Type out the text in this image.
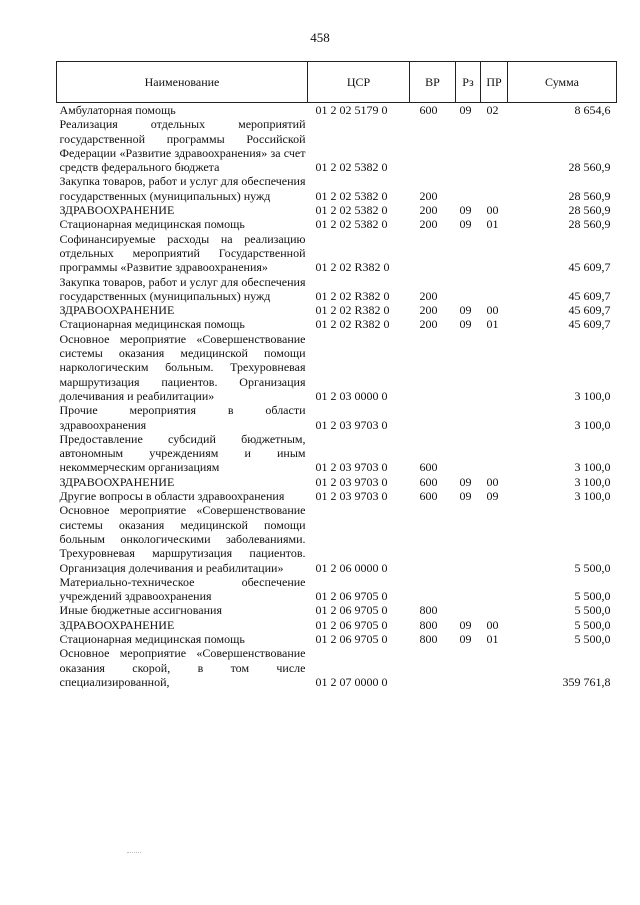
458
Наименование	ЦСР	ВР	Рз	ПР	Сумма
Амбулаторная помощь	01 2 02 5179 0	600	09	02	8 654,6
Реализация отдельных мероприятий государственной программы Российской Федерации «Развитие здравоохранения» за счет средств федерального бюджета	01 2 02 5382 0				28 560,9
Закупка товаров, работ и услуг для обеспечения государственных (муниципальных) нужд	01 2 02 5382 0	200			28 560,9
ЗДРАВООХРАНЕНИЕ	01 2 02 5382 0	200	09	00	28 560,9
Стационарная медицинская помощь	01 2 02 5382 0	200	09	01	28 560,9
Софинансируемые расходы на реализацию отдельных мероприятий Государственной программы «Развитие здравоохранения»	01 2 02 R382 0				45 609,7
Закупка товаров, работ и услуг для обеспечения государственных (муниципальных) нужд	01 2 02 R382 0	200			45 609,7
ЗДРАВООХРАНЕНИЕ	01 2 02 R382 0	200	09	00	45 609,7
Стационарная медицинская помощь	01 2 02 R382 0	200	09	01	45 609,7
Основное мероприятие «Совершенствование системы оказания медицинской помощи наркологическим больным. Трехуровневая маршрутизация пациентов. Организация долечивания и реабилитации»	01 2 03 0000 0				3 100,0
Прочие мероприятия в области здравоохранения	01 2 03 9703 0				3 100,0
Предоставление субсидий бюджетным, автономным учреждениям и иным некоммерческим организациям	01 2 03 9703 0	600			3 100,0
ЗДРАВООХРАНЕНИЕ	01 2 03 9703 0	600	09	00	3 100,0
Другие вопросы в области здравоохранения	01 2 03 9703 0	600	09	09	3 100,0
Основное мероприятие «Совершенствование системы оказания медицинской помощи больным онкологическими заболеваниями. Трехуровневая маршрутизация пациентов. Организация долечивания и реабилитации»	01 2 06 0000 0				5 500,0
Материально-техническое обеспечение учреждений здравоохранения	01 2 06 9705 0				5 500,0
Иные бюджетные ассигнования	01 2 06 9705 0	800			5 500,0
ЗДРАВООХРАНЕНИЕ	01 2 06 9705 0	800	09	00	5 500,0
Стационарная медицинская помощь	01 2 06 9705 0	800	09	01	5 500,0
Основное мероприятие «Совершенствование оказания скорой, в том числе специализированной,	01 2 07 0000 0				359 761,8
